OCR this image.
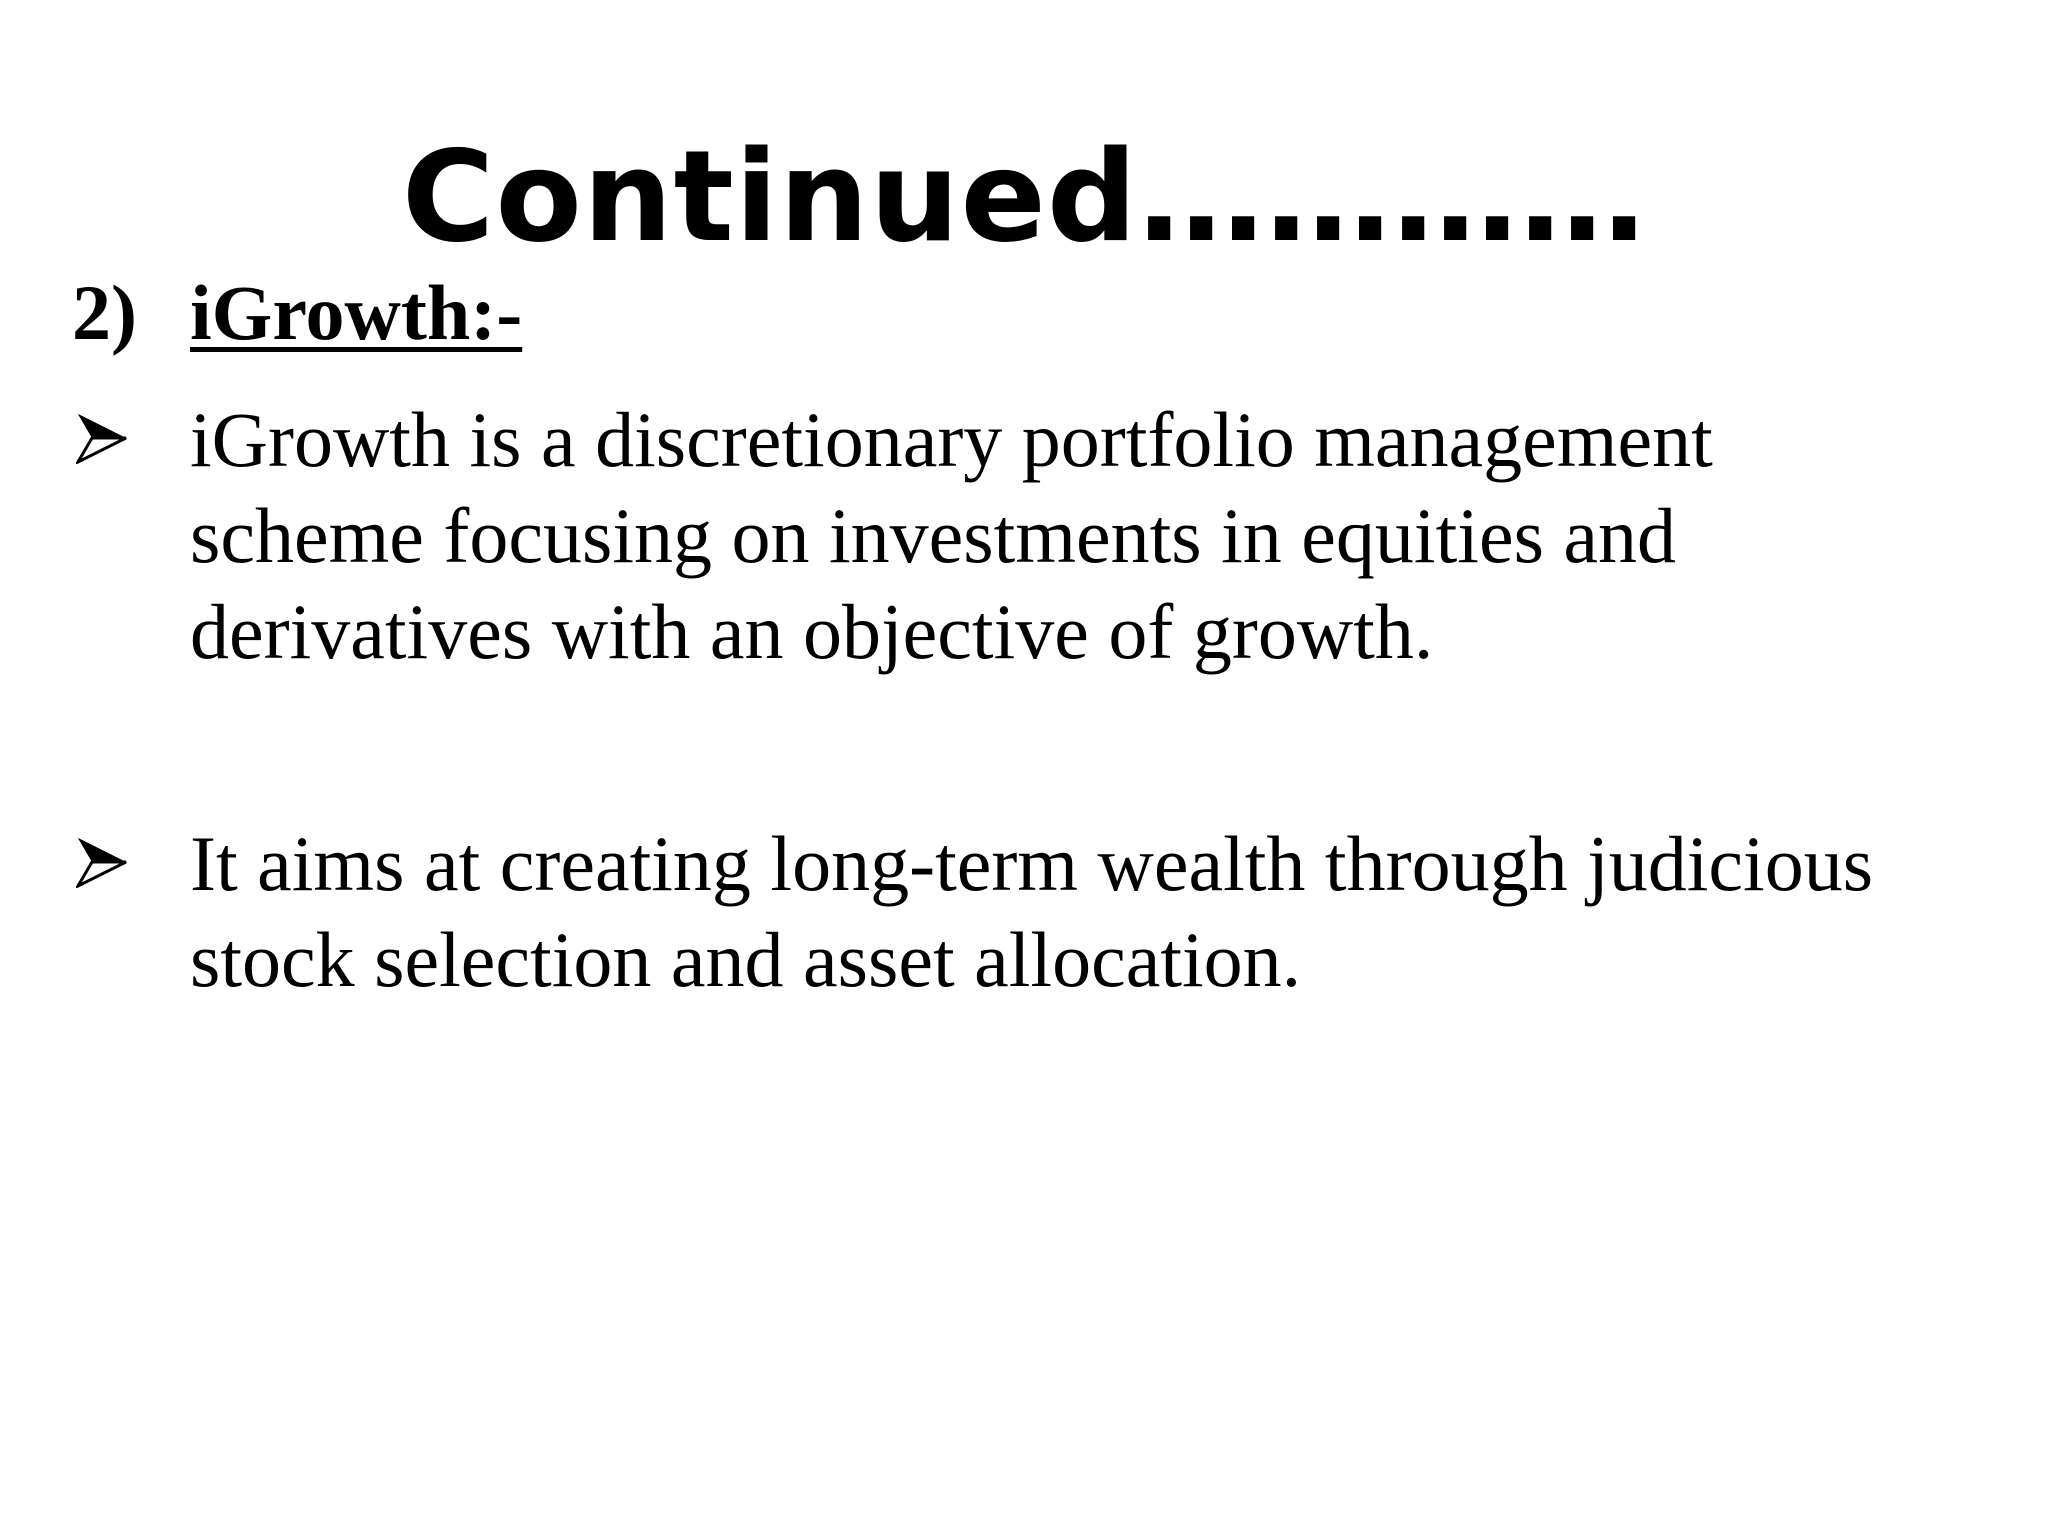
Continued…………
2) iGrowth:-
iGrowth is a discretionary portfolio management
scheme focusing on investments in equities and
derivatives with an objective of growth.
It aims at creating long-term wealth through judicious
stock selection and asset allocation.
